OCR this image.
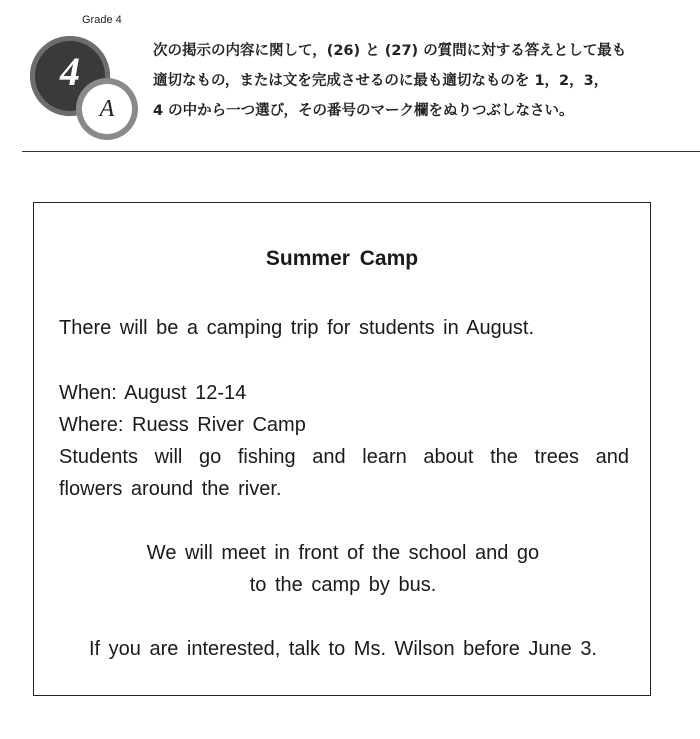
Grade 4
4
A
次の掲示の内容に関して，(26) と (27) の質問に対する答えとして最も
適切なもの，または文を完成させるのに最も適切なものを 1，2，3，
4 の中から一つ選び，その番号のマーク欄をぬりつぶしなさい。
Summer Camp
There will be a camping trip for students in August.
When: August 12-14
Where: Ruess River Camp
Students will go fishing and learn about the trees and
flowers around the river.
We will meet in front of the school and go
to the camp by bus.
If you are interested, talk to Ms. Wilson before June 3.
